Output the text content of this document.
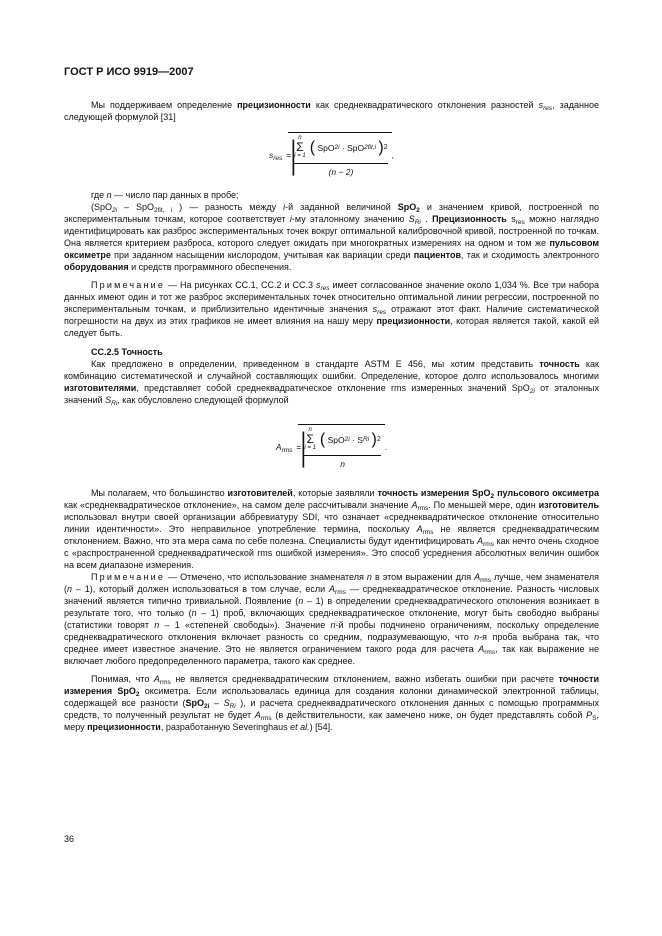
ГОСТ Р ИСО 9919—2007
Мы поддерживаем определение прецизионности как среднеквадратического отклонения разностей $s_{res}$, заданное следующей формулой [31]
$s_{res}$ =
|
n
Σ
i = 1
(
SpO 2i
·
SpO 2fit,i
) 2
(n − 2) ,
где n — число пар данных в пробе;
(SpO$_{2i}$ – SpO$_{2fit, i}$ ) — разность между i-й заданной величиной SpO$_2$ и значением кривой, построенной по экспериментальным точкам, которое соответствует i-му эталонному значению $S_{Ri}$ . Прецизионность $s_{res}$ можно наглядно идентифицировать как разброс экспериментальных точек вокруг оптимальной калибровочной кривой, построенной по точкам. Она является критерием разброса, которого следует ожидать при многократных измерениях на одном и том же пульсовом оксиметре при заданном насыщении кислородом, учитывая как вариации среди пациентов, так и сходимость электронного оборудования и средств программного обеспечения.
Примечание — На рисунках СС.1, СС.2 и СС.3 $s_{res}$ имеет согласованное значение около 1,034 %. Все три набора данных имеют один и тот же разброс экспериментальных точек относительно оптимальной линии регрессии, построенной по экспериментальным точкам, и приблизительно идентичные значения $s_{res}$ отражают этот факт. Наличие систематической погрешности на двух из этих графиков не имеет влияния на нашу меру прецизионности, которая является такой, какой ей следует быть.
СС.2.5 Точность
Как предложено в определении, приведенном в стандарте ASTM E 456, мы хотим представить точность как комбинацию систематической и случайной составляющих ошибки. Определение, которое долго использовалось многими изготовителями, представляет собой среднеквадратическое отклонение rms измеренных значений SpO$_{2i}$ от эталонных значений $S_{Ri}$, как обусловлено следующей формулой
$A_{rms}$ =
|
n
Σ
i = 1
(
SpO 2i
·
S Ri
) 2
n .
Мы полагаем, что большинство изготовителей, которые заявляли точность измерения SpO$_2$ пульсового оксиметра как «среднеквадратическое отклонение», на самом деле рассчитывали значение $A_{rms}$. По меньшей мере, один изготовитель использовал внутри своей организации аббревиатуру SDI, что означает «среднеквадратическое отклонение относительно линии идентичности». Это неправильное употребление термина, поскольку $A_{rms}$ не является среднеквадратическим отклонением. Важно, что эта мера сама по себе полезна. Специалисты будут идентифицировать $A_{rms}$ как нечто очень сходное с «распространенной среднеквадратической rms ошибкой измерения». Это способ усреднения абсолютных величин ошибок на всем диапазоне измерения.
Примечание — Отмечено, что использование знаменателя n в этом выражении для $A_{rms}$ лучше, чем знаменателя (n – 1), который должен использоваться в том случае, если $A_{rms}$ — среднеквадратическое отклонение. Разность числовых значений является типично тривиальной. Появление (n – 1) в определении среднеквадратического отклонения возникает в результате того, что только (n – 1) проб, включающих среднеквадратическое отклонение, могут быть свободно выбраны (статистики говорят n – 1 «степеней свободы»). Значение n-й пробы подчинено ограничениям, поскольку определение среднеквадратического отклонения включает разность со средним, подразумевающую, что n-я проба выбрана так, что среднее имеет известное значение. Это не является ограничением такого рода для расчета $A_{rms}$, так как выражение не включает любого предопределенного параметра, такого как среднее.
Понимая, что $A_{rms}$ не является среднеквадратическим отклонением, важно избегать ошибки при расчете точности измерения SpO$_2$ оксиметра. Если использовалась единица для создания колонки динамической электронной таблицы, содержащей все разности ($SpO_{2i} - S_{Ri}$ ), и расчета среднеквадратического отклонения данных с помощью программных средств, то полученный результат не будет $A_{rms}$ (в действительности, как замечено ниже, он будет представлять собой $P_S$, меру прецизионности, разработанную Severinghaus et al.) [54].
36
